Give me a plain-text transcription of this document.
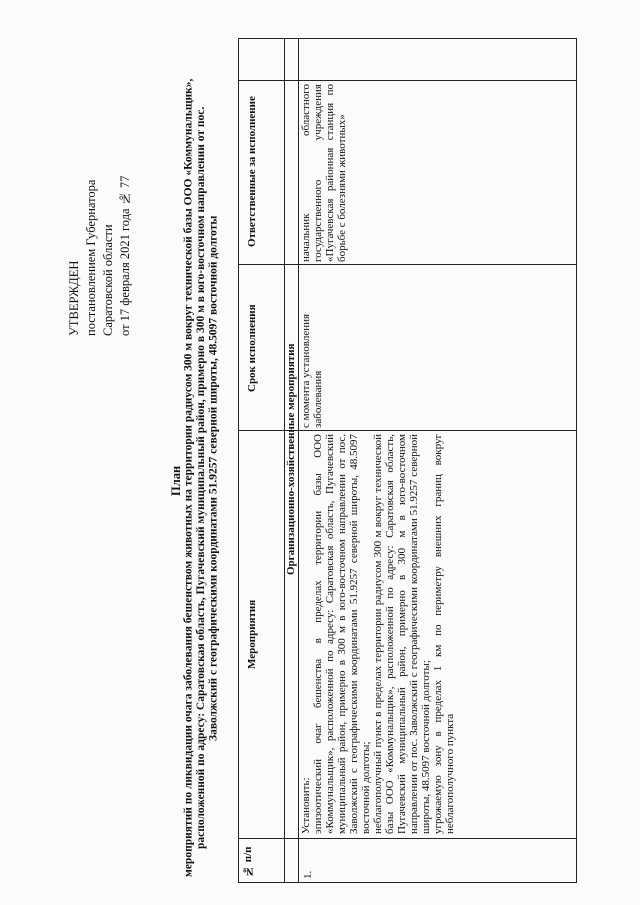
УТВЕРЖДЕН постановлением Губернатора Саратовской области от 17 февраля 2021 года № 77
План мероприятий по ликвидации очага заболевания бешенством животных на территории радиусом 300 м вокруг технической базы ООО «Коммунальщик», расположенной по адресу: Саратовская область, Пугачевский муниципальный район, примерно в 300 м в юго-восточном направлении от пос. Заволжский с географическими координатами 51.9257 северной широты, 48.5097 восточной долготы
№ п/п
Мероприятия
Срок исполнения
Ответственные за исполнение
Организационно-хозяйственные мероприятия
1.
Установить:
эпизоотический очаг бешенства в пределах территории базы ООО «Коммунальщик», расположенной по адресу: Саратовская область, Пугачевский муниципальный район, примерно в 300 м в юго-восточном направлении от пос. Заволжский с географическими координатами 51.9257 северной широты, 48.5097 восточной долготы;
неблагополучный пункт в пределах территории радиусом 300 м вокруг технической базы ООО «Коммунальщик», расположенной по адресу: Саратовская область, Пугачевский муниципальный район, примерно в 300 м в юго-восточном направлении от пос. Заволжский с географическими координатами 51.9257 северной широты, 48.5097 восточной долготы;
угрожаемую зону в пределах 1 км по периметру внешних границ вокруг неблагополучного пункта
с момента установления заболевания
начальник областного государственного учреждения «Пугачевская районная станция по борьбе с болезнями животных»
